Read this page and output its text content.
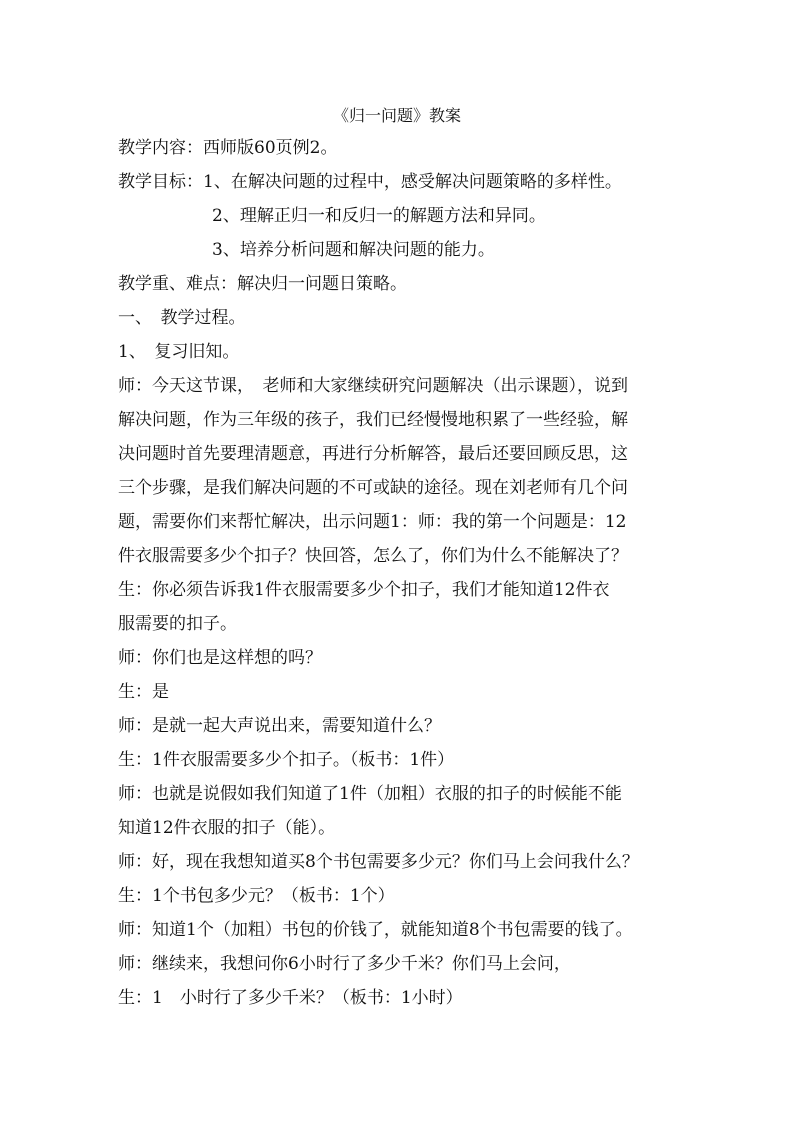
《归一问题》教案
教学内容：西师版60页例2。
教学目标：1、在解决问题的过程中，感受解决问题策略的多样性。
2、理解正归一和反归一的解题方法和异同。
3、培养分析问题和解决问题的能力。
教学重、难点：解决归一问题日策略。
一、　教学过程。
1、　复习旧知。
师：今天这节课，　老师和大家继续研究问题解决（出示课题），说到
解决问题，作为三年级的孩子，我们已经慢慢地积累了一些经验，解
决问题时首先要理清题意，再进行分析解答，最后还要回顾反思，这
三个步骤，是我们解决问题的不可或缺的途径。现在刘老师有几个问
题，需要你们来帮忙解决，出示问题1：师：我的第一个问题是：12
件衣服需要多少个扣子？快回答，怎么了，你们为什么不能解决了？
生：你必须告诉我1件衣服需要多少个扣子，我们才能知道12件衣
服需要的扣子。
师：你们也是这样想的吗？
生：是
师：是就一起大声说出来，需要知道什么？
生：1件衣服需要多少个扣子。（板书：1件）
师：也就是说假如我们知道了1件（加粗）衣服的扣子的时候能不能
知道12件衣服的扣子（能）。
师：好，现在我想知道买8个书包需要多少元？你们马上会问我什么？
生：1个书包多少元？（板书：1个）
师：知道1个（加粗）书包的价钱了，就能知道8个书包需要的钱了。
师：继续来，我想问你6小时行了多少千米？你们马上会问，
生：1　小时行了多少千米？（板书：1小时）
